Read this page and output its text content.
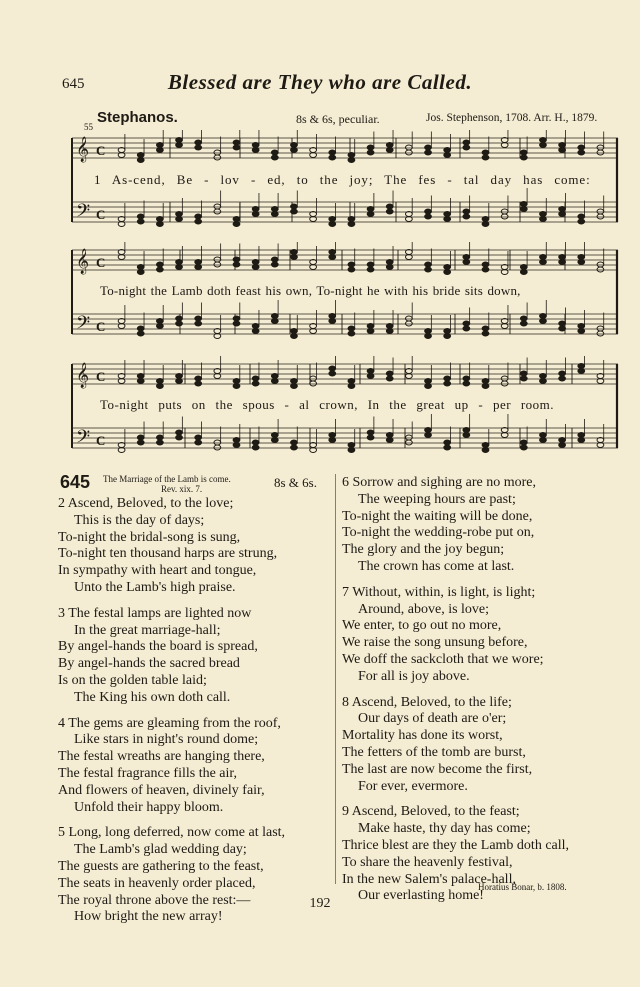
645	Blessed are They who are Called.
Stephanos.
55
8s & 6s, peculiar.	Jos. Stephenson, 1708. Arr. H., 1879.
𝄞 C
𝄢 C
1 As-cend, Be - lov - ed, to the joy; The fes - tal day has come:
𝄞 C
𝄢 C
To-night the Lamb doth feast his own, To-night he with his bride sits down,
𝄞 C
𝄢 C
To-night puts on the spous - al crown, In the great up - per room.
645 The Marriage of the Lamb is come.
Rev. xix. 7.	8s & 6s.
2 Ascend, Beloved, to the love;
This is the day of days;
To-night the bridal-song is sung,
To-night ten thousand harps are strung,
In sympathy with heart and tongue,
Unto the Lamb's high praise.
3 The festal lamps are lighted now
In the great marriage-hall;
By angel-hands the board is spread,
By angel-hands the sacred bread
Is on the golden table laid;
The King his own doth call.
4 The gems are gleaming from the roof,
Like stars in night's round dome;
The festal wreaths are hanging there,
The festal fragrance fills the air,
And flowers of heaven, divinely fair,
Unfold their happy bloom.
5 Long, long deferred, now come at last,
The Lamb's glad wedding day;
The guests are gathering to the feast,
The seats in heavenly order placed,
The royal throne above the rest:—
How bright the new array!
6 Sorrow and sighing are no more,
The weeping hours are past;
To-night the waiting will be done,
To-night the wedding-robe put on,
The glory and the joy begun;
The crown has come at last.
7 Without, within, is light, is light;
Around, above, is love;
We enter, to go out no more,
We raise the song unsung before,
We doff the sackcloth that we wore;
For all is joy above.
8 Ascend, Beloved, to the life;
Our days of death are o'er;
Mortality has done its worst,
The fetters of the tomb are burst,
The last are now become the first,
For ever, evermore.
9 Ascend, Beloved, to the feast;
Make haste, thy day has come;
Thrice blest are they the Lamb doth call,
To share the heavenly festival,
In the new Salem's palace-hall,
Our everlasting home!
Horatius Bonar, b. 1808.
192
